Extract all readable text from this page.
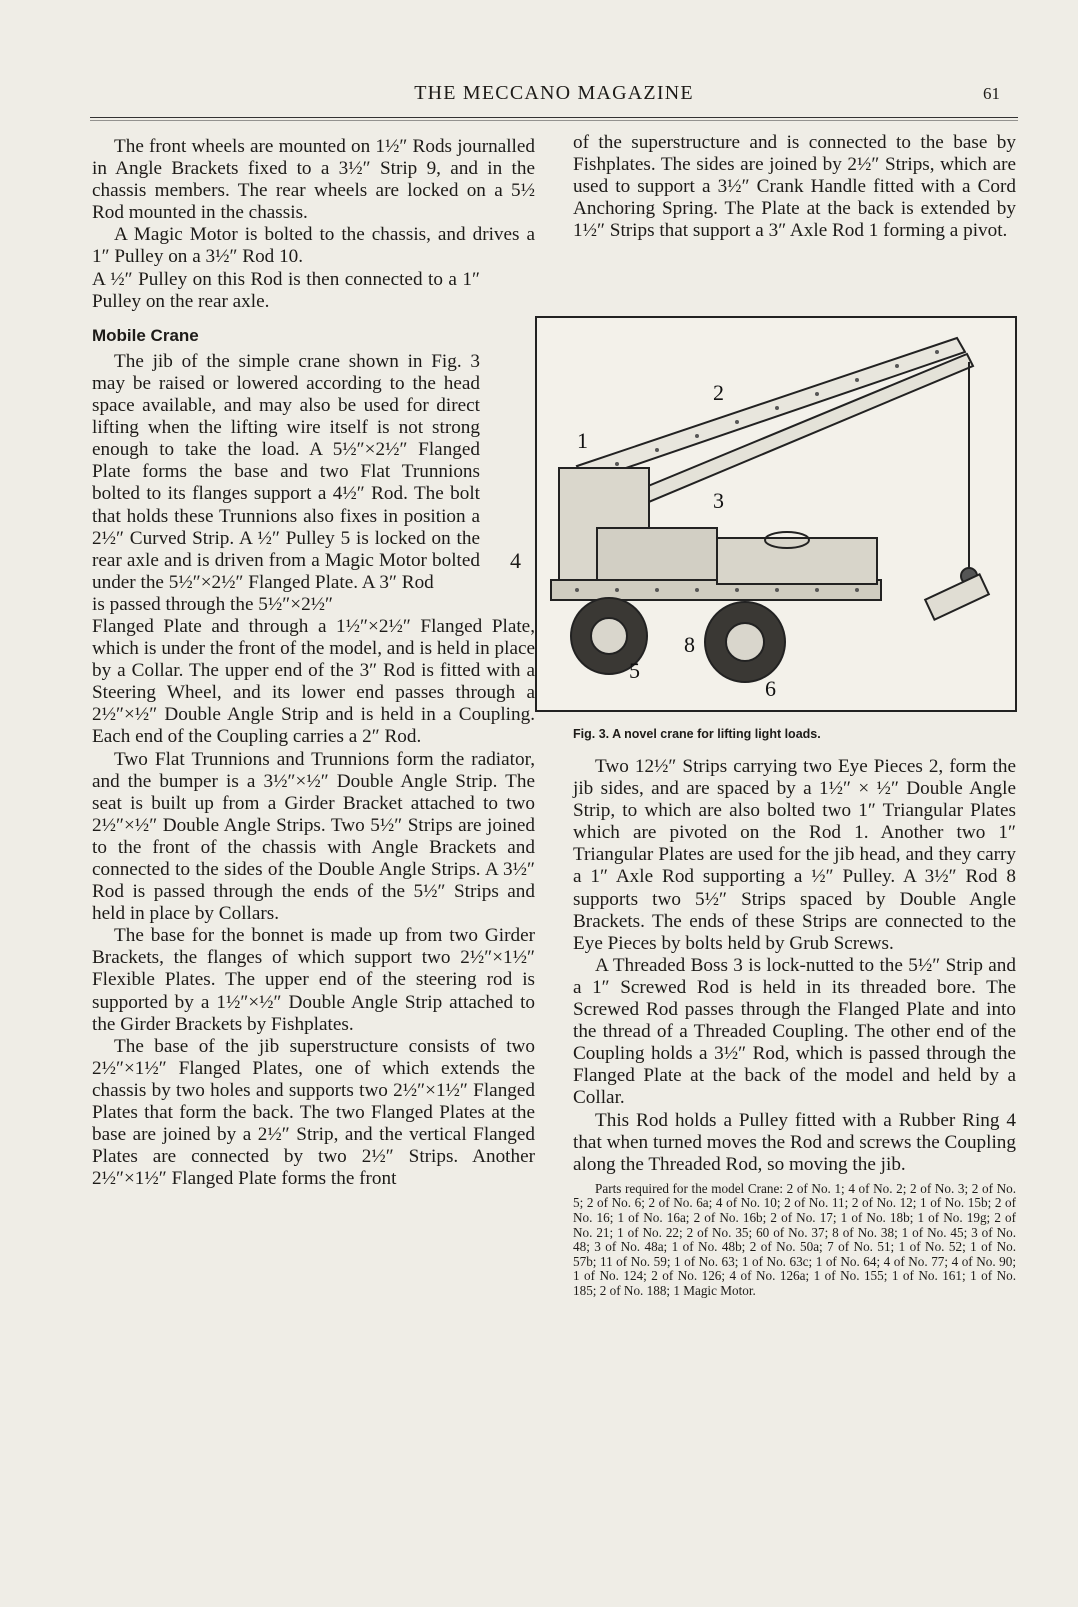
THE MECCANO MAGAZINE	61

The front wheels are mounted on 1½″ Rods journalled in Angle Brackets fixed to a 3½″ Strip 9, and in the chassis members. The rear wheels are locked on a 5½ Rod mounted in the chassis.

A Magic Motor is bolted to the chassis, and drives a 1″ Pulley on a 3½″ Rod 10.

A ½″ Pulley on this Rod is then connected to a 1″ Pulley on the rear axle.

Mobile Crane

The jib of the simple crane shown in Fig. 3 may be raised or lowered according to the head space available, and may also be used for direct lifting when the lifting wire itself is not strong enough to take the load. A 5½″×2½″ Flanged Plate forms the base and two Flat Trunnions bolted to its flanges support a 4½″ Rod. The bolt that holds these Trunnions also fixes in position a 2½″ Curved Strip. A ½″ Pulley 5 is locked on the rear axle and is driven from a Magic Motor bolted under the 5½″×2½″ Flanged Plate. A 3″ Rod

is passed through the 5½″×2½″

Flanged Plate and through a 1½″×2½″ Flanged Plate, which is under the front of the model, and is held in place by a Collar. The upper end of the 3″ Rod is fitted with a Steering Wheel, and its lower end passes through a 2½″×½″ Double Angle Strip and is held in a Coupling. Each end of the Coupling carries a 2″ Rod.

Two Flat Trunnions and Trunnions form the radiator, and the bumper is a 3½″×½″ Double Angle Strip. The seat is built up from a Girder Bracket attached to two 2½″×½″ Double Angle Strips. Two 5½″ Strips are joined to the front of the chassis with Angle Brackets and connected to the sides of the Double Angle Strips. A 3½″ Rod is passed through the ends of the 5½″ Strips and held in place by Collars.

The base for the bonnet is made up from two Girder Brackets, the flanges of which support two 2½″×1½″ Flexible Plates. The upper end of the steering rod is supported by a 1½″×½″ Double Angle Strip attached to the Girder Brackets by Fishplates.

The base of the jib superstructure consists of two 2½″×1½″ Flanged Plates, one of which extends the chassis by two holes and supports two 2½″×1½″ Flanged Plates that form the back. The two Flanged Plates at the base are joined by a 2½″ Strip, and the vertical Flanged Plates are connected by two 2½″ Strips. Another 2½″×1½″ Flanged Plate forms the front

of the superstructure and is connected to the base by Fishplates. The sides are joined by 2½″ Strips, which are used to support a 3½″ Crank Handle fitted with a Cord Anchoring Spring. The Plate at the back is extended by 1½″ Strips that support a 3″ Axle Rod 1 forming a pivot.

1
2
3
5
6
8
4
Fig. 3. A novel crane for lifting light loads.

Two 12½″ Strips carrying two Eye Pieces 2, form the jib sides, and are spaced by a 1½″ × ½″ Double Angle Strip, to which are also bolted two 1″ Triangular Plates which are pivoted on the Rod 1. Another two 1″ Triangular Plates are used for the jib head, and they carry a 1″ Axle Rod supporting a ½″ Pulley. A 3½″ Rod 8 supports two 5½″ Strips spaced by Double Angle Brackets. The ends of these Strips are connected to the Eye Pieces by bolts held by Grub Screws.

A Threaded Boss 3 is lock-nutted to the 5½″ Strip and a 1″ Screwed Rod is held in its threaded bore. The Screwed Rod passes through the Flanged Plate and into the thread of a Threaded Coupling. The other end of the Coupling holds a 3½″ Rod, which is passed through the Flanged Plate at the back of the model and held by a Collar.

This Rod holds a Pulley fitted with a Rubber Ring 4 that when turned moves the Rod and screws the Coupling along the Threaded Rod, so moving the jib.

Parts required for the model Crane: 2 of No. 1; 4 of No. 2; 2 of No. 3; 2 of No. 5; 2 of No. 6; 2 of No. 6a; 4 of No. 10; 2 of No. 11; 2 of No. 12; 1 of No. 15b; 2 of No. 16; 1 of No. 16a; 2 of No. 16b; 2 of No. 17; 1 of No. 18b; 1 of No. 19g; 2 of No. 21; 1 of No. 22; 2 of No. 35; 60 of No. 37; 8 of No. 38; 1 of No. 45; 3 of No. 48; 3 of No. 48a; 1 of No. 48b; 2 of No. 50a; 7 of No. 51; 1 of No. 52; 1 of No. 57b; 11 of No. 59; 1 of No. 63; 1 of No. 63c; 1 of No. 64; 4 of No. 77; 4 of No. 90; 1 of No. 124; 2 of No. 126; 4 of No. 126a; 1 of No. 155; 1 of No. 161; 1 of No. 185; 2 of No. 188; 1 Magic Motor.
